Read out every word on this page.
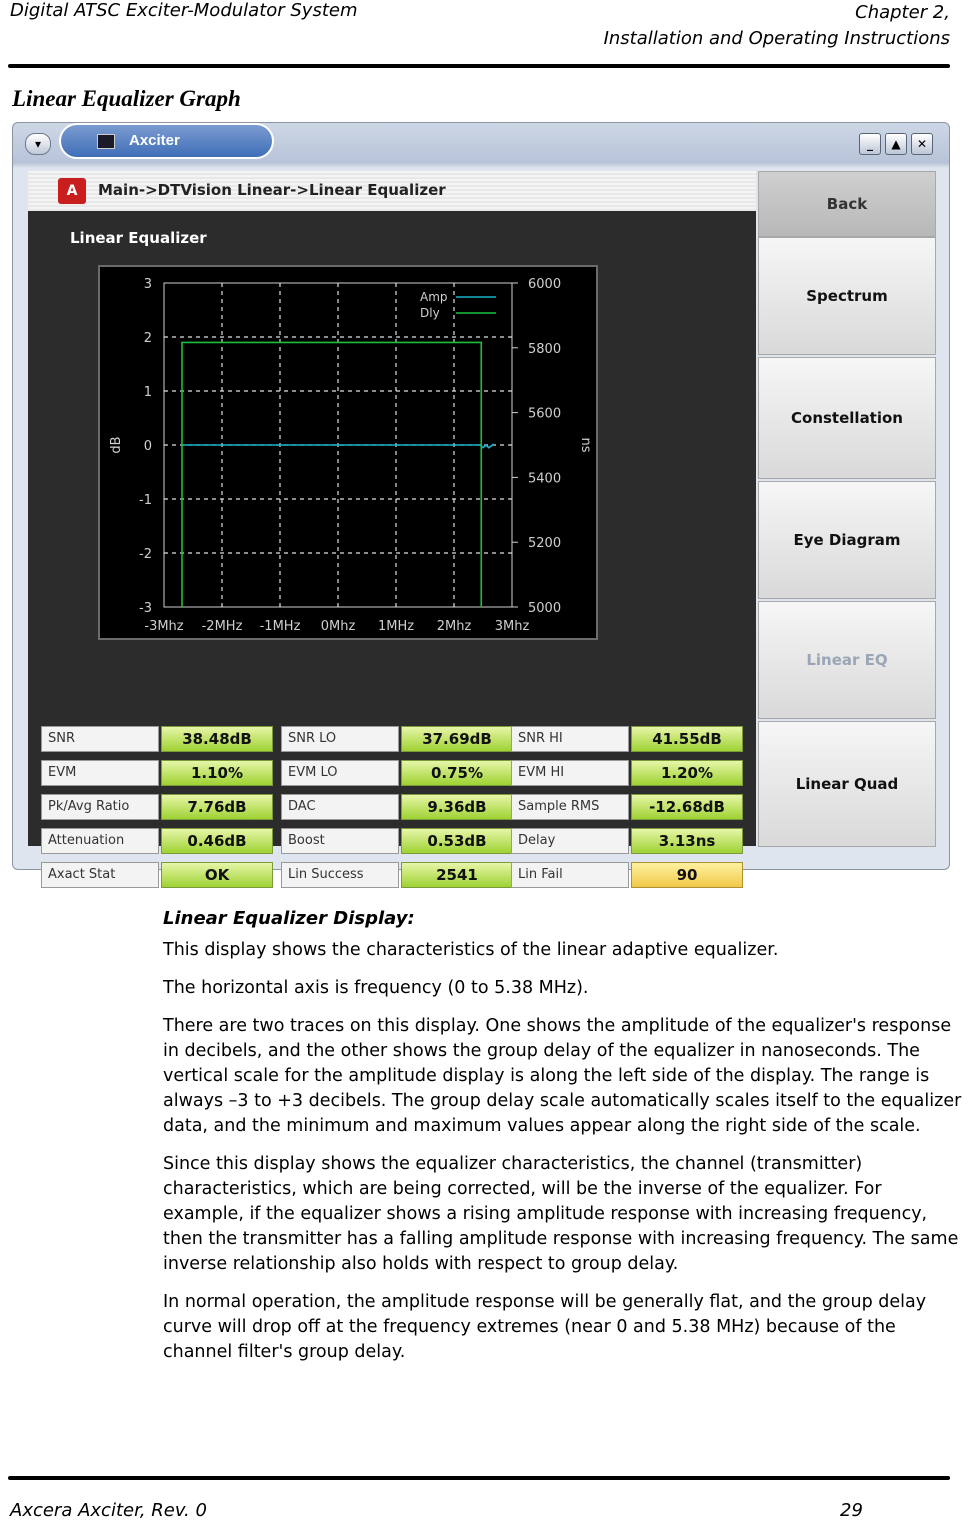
Digital ATSC Exciter-Modulator System	Chapter 2,
Installation and Operating Instructions
Linear Equalizer Graph
▾	Axciter	_	▲	✕
A	Main->DTVision Linear->Linear Equalizer
Linear Equalizer
3
2
1
0
-1
-2
-3
6000
5800
5600
5400
5200
5000
-3Mhz -2MHz -1MHz 0Mhz 1MHz 2Mhz 3Mhz
dB	ns
Amp
Dly
SNR	38.48dB	SNR LO	37.69dB	SNR HI	41.55dB
EVM	1.10%	EVM LO	0.75%	EVM HI	1.20%
Pk/Avg Ratio	7.76dB	DAC	9.36dB	Sample RMS	-12.68dB
Attenuation	0.46dB	Boost	0.53dB	Delay	3.13ns
Axact Stat	OK	Lin Success	2541	Lin Fail	90
Back
Spectrum
Constellation
Eye Diagram
Linear EQ
Linear Quad
Linear Equalizer Display:

This display shows the characteristics of the linear adaptive equalizer.

The horizontal axis is frequency (0 to 5.38 MHz).

There are two traces on this display. One shows the amplitude of the equalizer's response in decibels, and the other shows the group delay of the equalizer in nanoseconds. The vertical scale for the amplitude display is along the left side of the display. The range is always –3 to +3 decibels. The group delay scale automatically scales itself to the equalizer data, and the minimum and maximum values appear along the right side of the scale.

Since this display shows the equalizer characteristics, the channel (transmitter) characteristics, which are being corrected, will be the inverse of the equalizer. For example, if the equalizer shows a rising amplitude response with increasing frequency, then the transmitter has a falling amplitude response with increasing frequency. The same inverse relationship also holds with respect to group delay.

In normal operation, the amplitude response will be generally flat, and the group delay curve will drop off at the frequency extremes (near 0 and 5.38 MHz) because of the channel filter's group delay.

Axcera Axciter, Rev. 0	29
